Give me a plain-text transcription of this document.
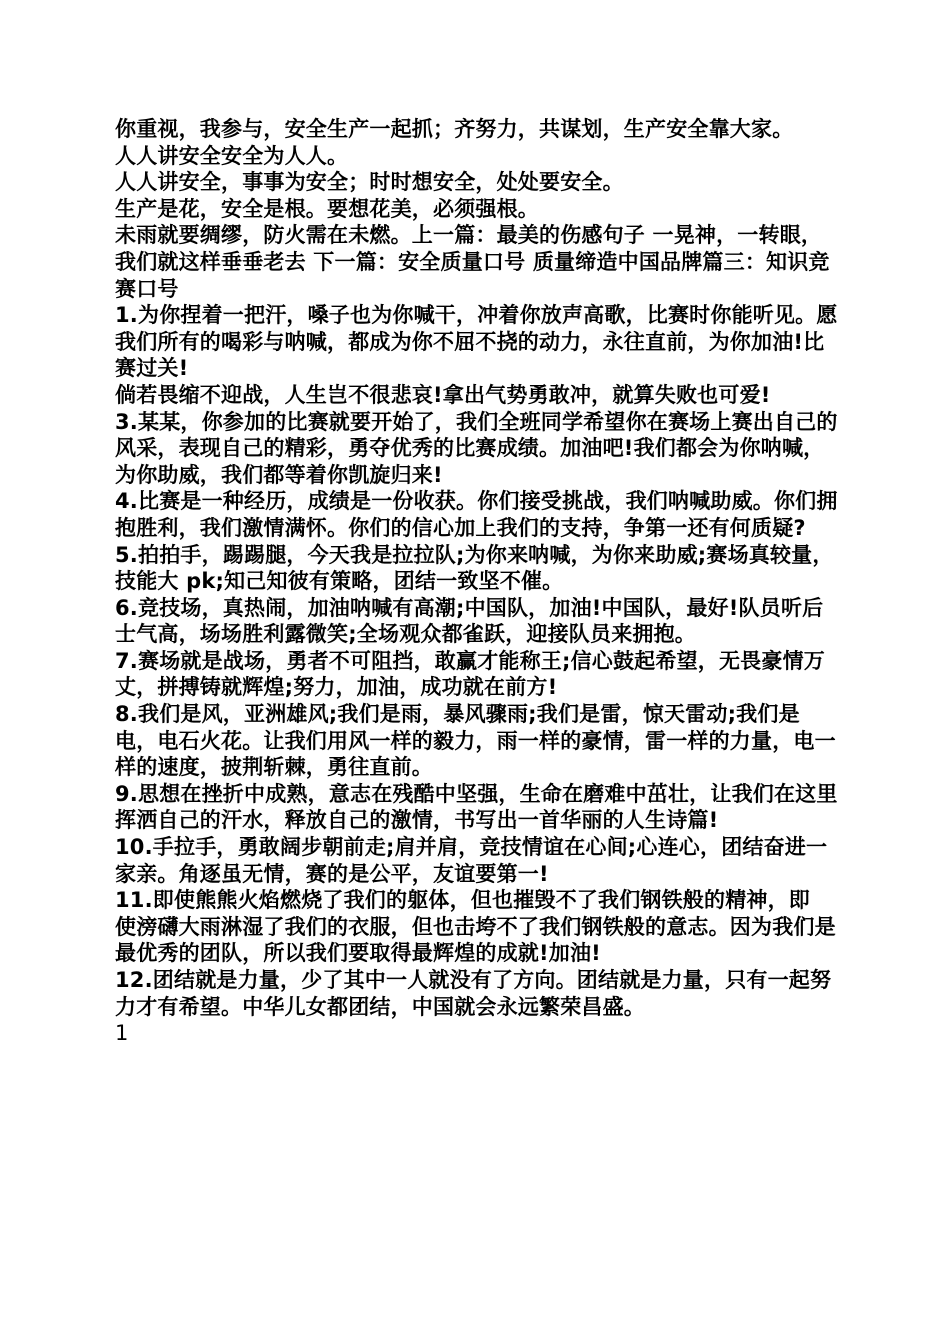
你重视，我参与，安全生产一起抓；齐努力，共谋划，生产安全靠大家。

人人讲安全安全为人人。

人人讲安全，事事为安全；时时想安全，处处要安全。

生产是花，安全是根。要想花美，必须强根。

未雨就要绸缪，防火需在未燃。上一篇：最美的伤感句子 一晃神，一转眼，我们就这样垂垂老去 下一篇：安全质量口号 质量缔造中国品牌篇三：知识竞赛口号

1.为你捏着一把汗，嗓子也为你喊干，冲着你放声高歌，比赛时你能听见。愿我们所有的喝彩与呐喊，都成为你不屈不挠的动力，永往直前，为你加油!比赛过关!

倘若畏缩不迎战，人生岂不很悲哀!拿出气势勇敢冲，就算失败也可爱!

3.某某，你参加的比赛就要开始了，我们全班同学希望你在赛场上赛出自己的风采，表现自己的精彩，勇夺优秀的比赛成绩。加油吧!我们都会为你呐喊，为你助威，我们都等着你凯旋归来!

4.比赛是一种经历，成绩是一份收获。你们接受挑战，我们呐喊助威。你们拥抱胜利，我们激情满怀。你们的信心加上我们的支持，争第一还有何质疑?

5.拍拍手，踢踢腿，今天我是拉拉队;为你来呐喊，为你来助威;赛场真较量，技能大 pk;知己知彼有策略，团结一致坚不催。

6.竞技场，真热闹，加油呐喊有高潮;中国队，加油!中国队，最好!队员听后士气高，场场胜利露微笑;全场观众都雀跃，迎接队员来拥抱。

7.赛场就是战场，勇者不可阻挡，敢赢才能称王;信心鼓起希望，无畏豪情万丈，拼搏铸就辉煌;努力，加油，成功就在前方!

8.我们是风，亚洲雄风;我们是雨，暴风骤雨;我们是雷，惊天雷动;我们是电，电石火花。让我们用风一样的毅力，雨一样的豪情，雷一样的力量，电一样的速度，披荆斩棘，勇往直前。

9.思想在挫折中成熟，意志在残酷中坚强，生命在磨难中茁壮，让我们在这里挥洒自己的汗水，释放自己的激情，书写出一首华丽的人生诗篇!

10.手拉手，勇敢阔步朝前走;肩并肩，竞技情谊在心间;心连心，团结奋进一家亲。角逐虽无情，赛的是公平，友谊要第一!

11.即使熊熊火焰燃烧了我们的躯体，但也摧毁不了我们钢铁般的精神，即

使滂礴大雨淋湿了我们的衣服，但也击垮不了我们钢铁般的意志。因为我们是最优秀的团队，所以我们要取得最辉煌的成就!加油!

12.团结就是力量，少了其中一人就没有了方向。团结就是力量，只有一起努力才有希望。中华儿女都团结，中国就会永远繁荣昌盛。

1
